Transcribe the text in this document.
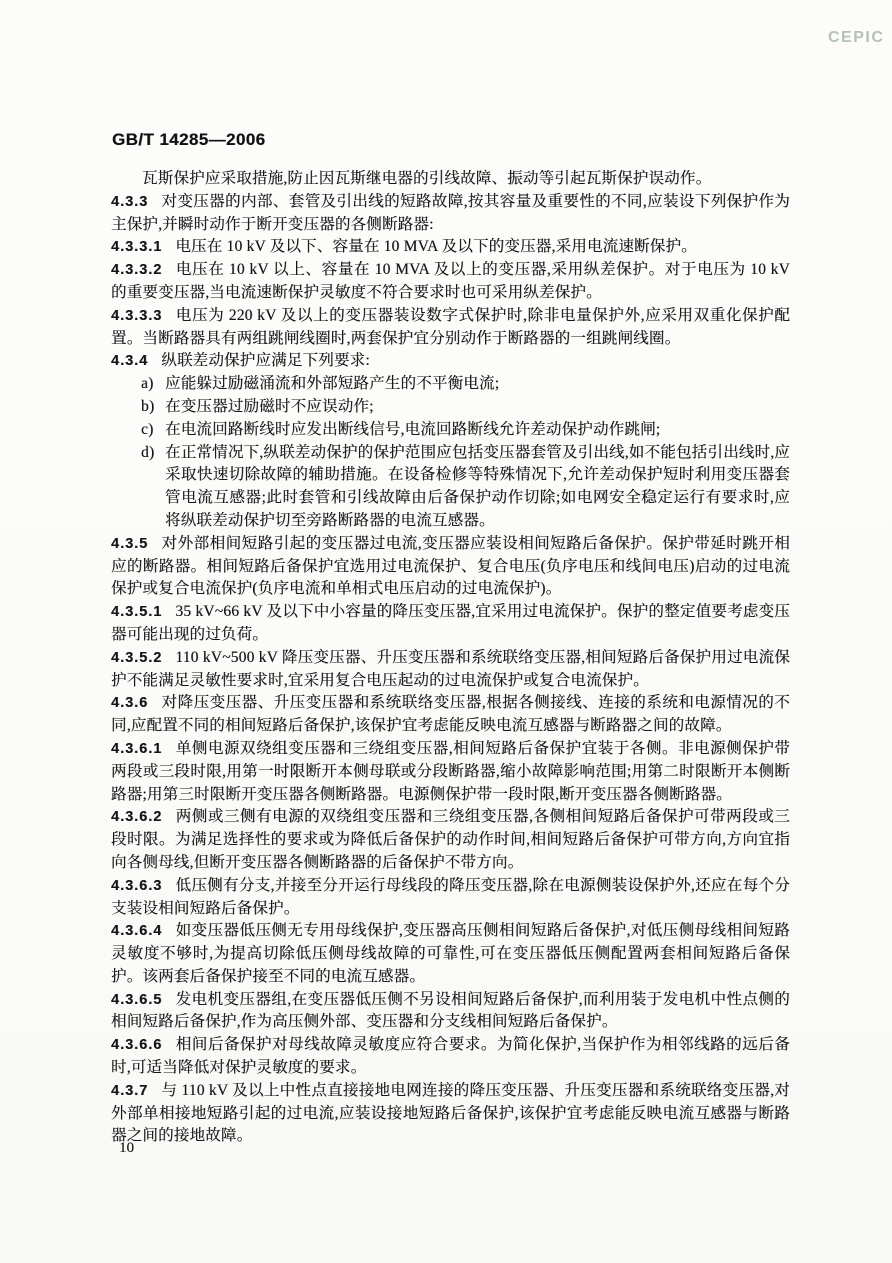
CEPIC
GB/T 14285—2006
瓦斯保护应采取措施,防止因瓦斯继电器的引线故障、振动等引起瓦斯保护误动作。
4.3.3 对变压器的内部、套管及引出线的短路故障,按其容量及重要性的不同,应装设下列保护作为主保护,并瞬时动作于断开变压器的各侧断路器:
4.3.3.1 电压在 10 kV 及以下、容量在 10 MVA 及以下的变压器,采用电流速断保护。
4.3.3.2 电压在 10 kV 以上、容量在 10 MVA 及以上的变压器,采用纵差保护。对于电压为 10 kV 的重要变压器,当电流速断保护灵敏度不符合要求时也可采用纵差保护。
4.3.3.3 电压为 220 kV 及以上的变压器装设数字式保护时,除非电量保护外,应采用双重化保护配置。当断路器具有两组跳闸线圈时,两套保护宜分别动作于断路器的一组跳闸线圈。
4.3.4 纵联差动保护应满足下列要求:
a) 应能躲过励磁涌流和外部短路产生的不平衡电流;
b) 在变压器过励磁时不应误动作;
c) 在电流回路断线时应发出断线信号,电流回路断线允许差动保护动作跳闸;
d) 在正常情况下,纵联差动保护的保护范围应包括变压器套管及引出线,如不能包括引出线时,应采取快速切除故障的辅助措施。在设备检修等特殊情况下,允许差动保护短时利用变压器套管电流互感器;此时套管和引线故障由后备保护动作切除;如电网安全稳定运行有要求时,应将纵联差动保护切至旁路断路器的电流互感器。
4.3.5 对外部相间短路引起的变压器过电流,变压器应装设相间短路后备保护。保护带延时跳开相应的断路器。相间短路后备保护宜选用过电流保护、复合电压(负序电压和线间电压)启动的过电流保护或复合电流保护(负序电流和单相式电压启动的过电流保护)。
4.3.5.1 35 kV~66 kV 及以下中小容量的降压变压器,宜采用过电流保护。保护的整定值要考虑变压器可能出现的过负荷。
4.3.5.2 110 kV~500 kV 降压变压器、升压变压器和系统联络变压器,相间短路后备保护用过电流保护不能满足灵敏性要求时,宜采用复合电压起动的过电流保护或复合电流保护。
4.3.6 对降压变压器、升压变压器和系统联络变压器,根据各侧接线、连接的系统和电源情况的不同,应配置不同的相间短路后备保护,该保护宜考虑能反映电流互感器与断路器之间的故障。
4.3.6.1 单侧电源双绕组变压器和三绕组变压器,相间短路后备保护宜装于各侧。非电源侧保护带两段或三段时限,用第一时限断开本侧母联或分段断路器,缩小故障影响范围;用第二时限断开本侧断路器;用第三时限断开变压器各侧断路器。电源侧保护带一段时限,断开变压器各侧断路器。
4.3.6.2 两侧或三侧有电源的双绕组变压器和三绕组变压器,各侧相间短路后备保护可带两段或三段时限。为满足选择性的要求或为降低后备保护的动作时间,相间短路后备保护可带方向,方向宜指向各侧母线,但断开变压器各侧断路器的后备保护不带方向。
4.3.6.3 低压侧有分支,并接至分开运行母线段的降压变压器,除在电源侧装设保护外,还应在每个分支装设相间短路后备保护。
4.3.6.4 如变压器低压侧无专用母线保护,变压器高压侧相间短路后备保护,对低压侧母线相间短路灵敏度不够时,为提高切除低压侧母线故障的可靠性,可在变压器低压侧配置两套相间短路后备保护。该两套后备保护接至不同的电流互感器。
4.3.6.5 发电机变压器组,在变压器低压侧不另设相间短路后备保护,而利用装于发电机中性点侧的相间短路后备保护,作为高压侧外部、变压器和分支线相间短路后备保护。
4.3.6.6 相间后备保护对母线故障灵敏度应符合要求。为简化保护,当保护作为相邻线路的远后备时,可适当降低对保护灵敏度的要求。
4.3.7 与 110 kV 及以上中性点直接接地电网连接的降压变压器、升压变压器和系统联络变压器,对外部单相接地短路引起的过电流,应装设接地短路后备保护,该保护宜考虑能反映电流互感器与断路器之间的接地故障。
10
